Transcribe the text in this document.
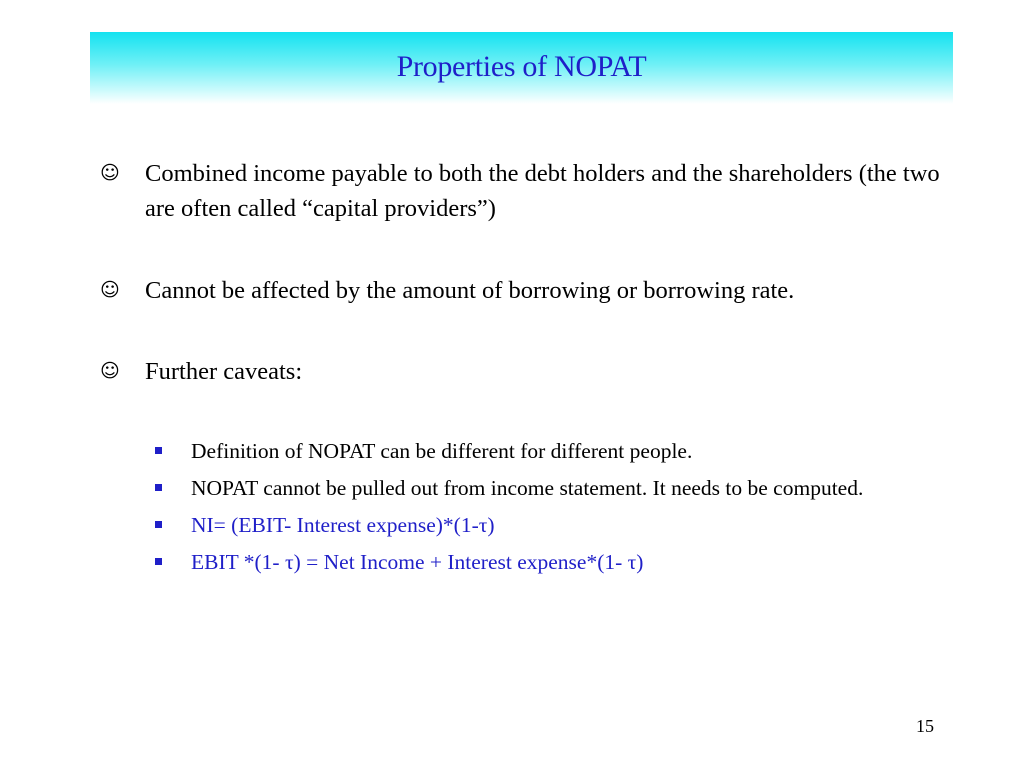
Properties of NOPAT
☺ Combined income payable to both the debt holders and the shareholders (the two are often called “capital providers”)
☺ Cannot be affected by the amount of borrowing or borrowing rate.
☺ Further caveats:
Definition of NOPAT can be different for different people.
NOPAT cannot be pulled out from income statement. It needs to be computed.
NI= (EBIT- Interest expense)*(1-τ)
EBIT *(1- τ) = Net Income + Interest expense*(1- τ)
15
